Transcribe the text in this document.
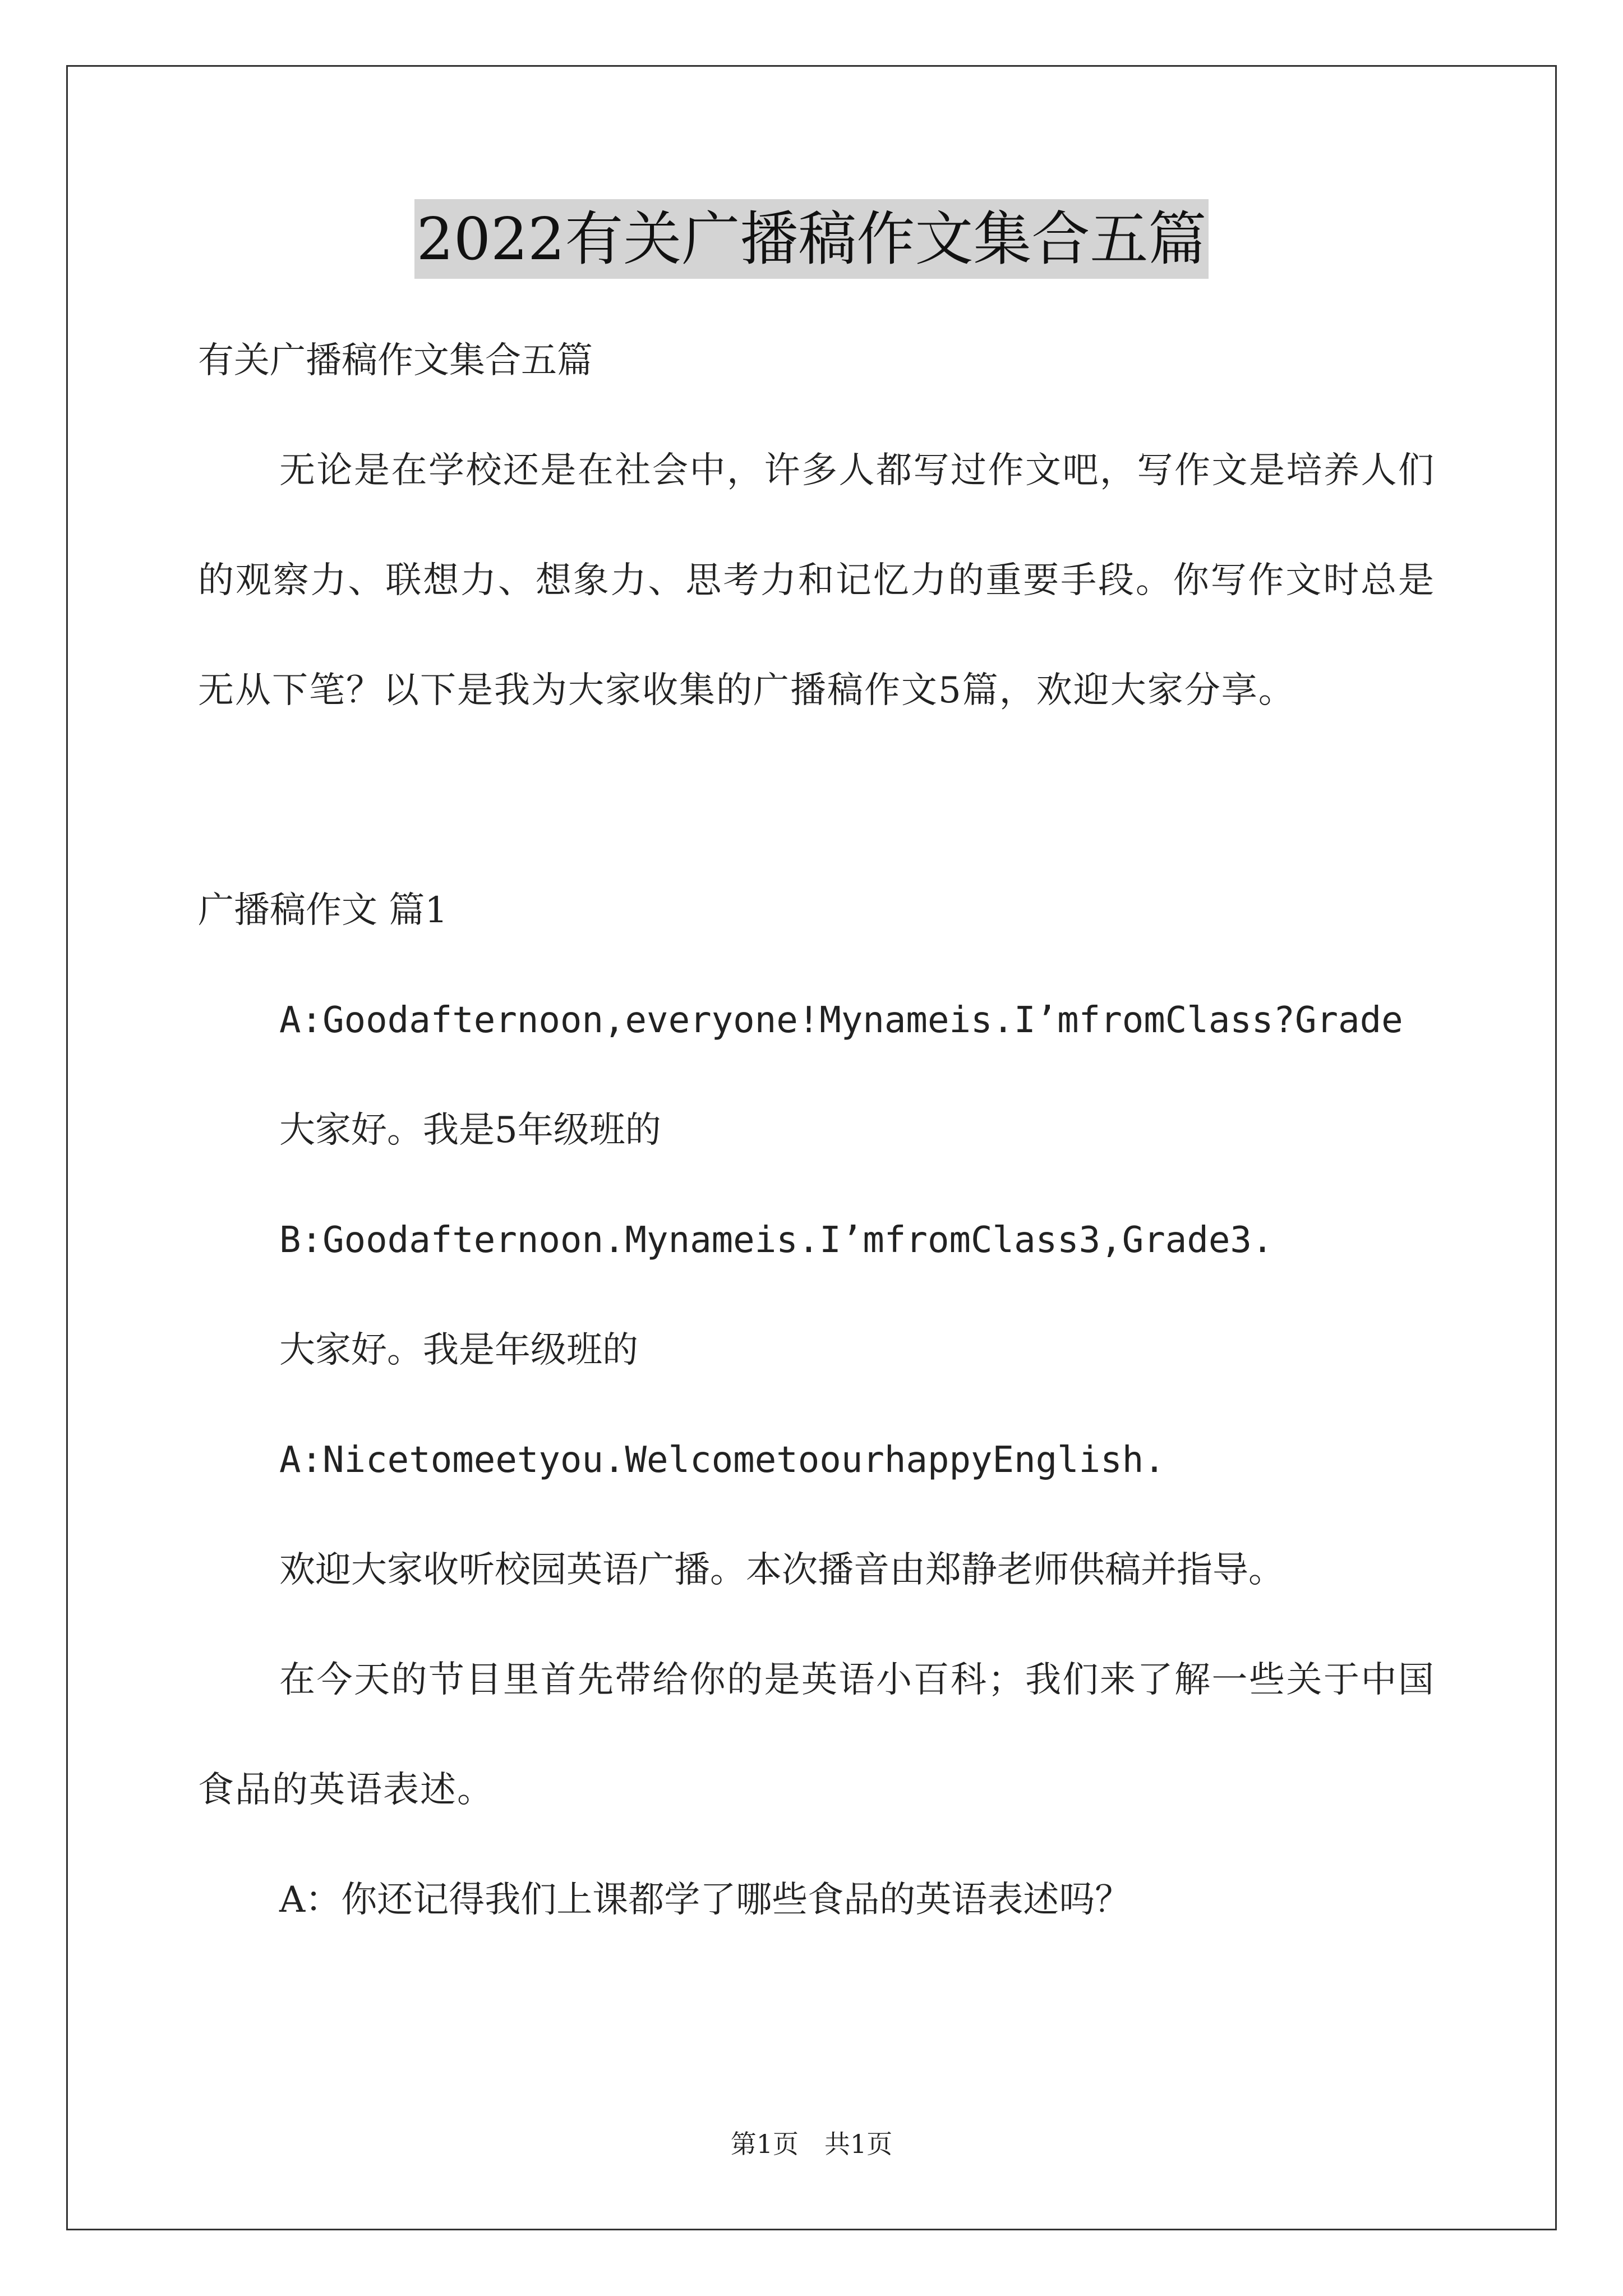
2022有关广播稿作文集合五篇

有关广播稿作文集合五篇

无论是在学校还是在社会中，许多人都写过作文吧，写作文是培养人们的观察力、联想力、想象力、思考力和记忆力的重要手段。你写作文时总是无从下笔？以下是我为大家收集的广播稿作文5篇，欢迎大家分享。

广播稿作文 篇1

A:Goodafternoon,everyone!Mynameis.I’mfromClass?Grade

大家好。我是5年级班的

B:Goodafternoon.Mynameis.I’mfromClass3,Grade3.

大家好。我是年级班的

A:Nicetomeetyou.WelcometoourhappyEnglish.

欢迎大家收听校园英语广播。本次播音由郑静老师供稿并指导。

在今天的节目里首先带给你的是英语小百科；我们来了解一些关于中国食品的英语表述。

A：你还记得我们上课都学了哪些食品的英语表述吗？

第1页　共1页
